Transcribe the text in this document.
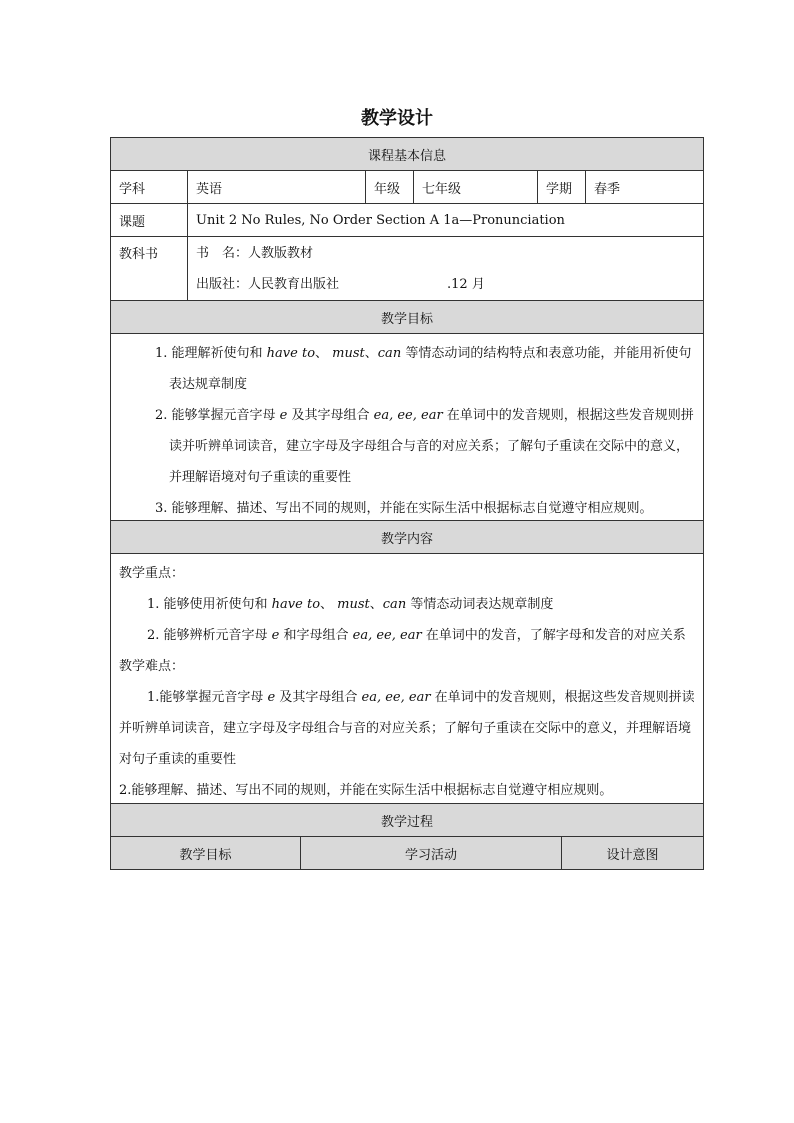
教学设计
课程基本信息
学科	英语	年级	七年级	学期	春季
课题	Unit 2 No Rules, No Order Section A 1a—Pronunciation
教科书	书　名：人教版教材
出版社：人民教育出版社	.12 月
教学目标
1. 能理解祈使句和 have to、 must、can 等情态动词的结构特点和表意功能，并能用祈使句表达规章制度
2. 能够掌握元音字母 e 及其字母组合 ea, ee, ear 在单词中的发音规则，根据这些发音规则拼读并听辨单词读音，建立字母及字母组合与音的对应关系；了解句子重读在交际中的意义，并理解语境对句子重读的重要性
3. 能够理解、描述、写出不同的规则，并能在实际生活中根据标志自觉遵守相应规则。
教学内容
教学重点：
1. 能够使用祈使句和 have to、 must、can 等情态动词表达规章制度
2. 能够辨析元音字母 e 和字母组合 ea, ee, ear 在单词中的发音，了解字母和发音的对应关系
教学难点：
1.能够掌握元音字母 e 及其字母组合 ea, ee, ear 在单词中的发音规则，根据这些发音规则拼读并听辨单词读音，建立字母及字母组合与音的对应关系；了解句子重读在交际中的意义，并理解语境对句子重读的重要性
2.能够理解、描述、写出不同的规则，并能在实际生活中根据标志自觉遵守相应规则。
教学过程
教学目标	学习活动	设计意图
